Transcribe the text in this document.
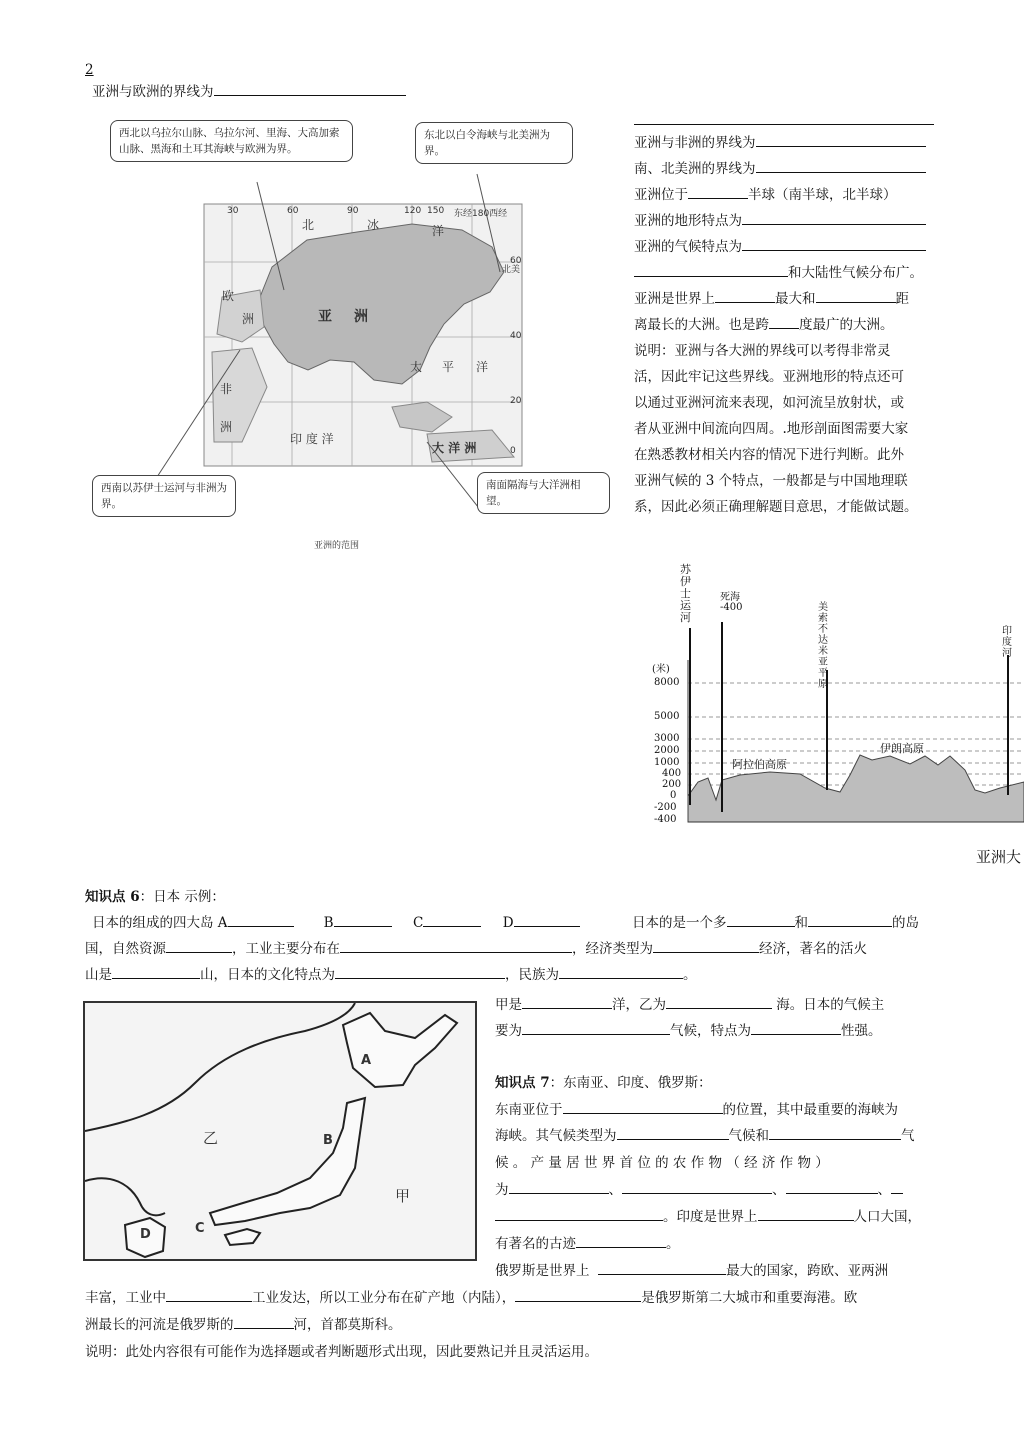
2
亚洲与欧洲的界线为
30	60	90	120 150 东经180西经
60
40
20
0
北	冰	洋
欧
洲	亚 洲
非
洲
太 平 洋
印 度 洋
大 洋 洲
北美
西北以乌拉尔山脉、乌拉尔河、里海、大高加索山脉、黑海和土耳其海峡与欧洲为界。
东北以白令海峡与北美洲为界。
西南以苏伊士运河与非洲为界。
南面隔海与大洋洲相望。
亚洲的范围
亚洲与非洲的界线为
南、北美洲的界线为
亚洲位于	半球（南半球，北半球）
亚洲的地形特点为
亚洲的气候特点为
和大陆性气候分布广。
亚洲是世界上	最大和	距
离最长的大洲。也是跨 度最广的大洲。
说明：亚洲与各大洲的界线可以考得非常灵
活，因此牢记这些界线。亚洲地形的特点还可
以通过亚洲河流来表现，如河流呈放射状，或
者从亚洲中间流向四周。.地形剖面图需要大家
在熟悉教材相关内容的情况下进行判断。此外
亚洲气候的 3 个特点，一般都是与中国地理联
系，因此必须正确理解题目意思，才能做试题。
苏伊士运河
死海
-400	美索不达米亚平原
印度河
(米)
8000
5000
3000
2000
1000
400
200
0
-200
-400
阿拉伯高原
伊朗高原
亚洲大
知识点 6：日本 示例：
日本的组成的四大岛 A	B	C	D	日本的是一个多	和	的岛
国，自然资源	，工业主要分布在	，经济类型为	经济，著名的活火
山是	山，日本的文化特点为	，民族为	。
A
B
C
D
乙
甲
甲是	洋，乙为	海。日本的气候主
要为	气候，特点为	性强。
知识点 7：东南亚、印度、俄罗斯：
东南亚位于	的位置，其中最重要的海峡为
海峡。其气候类型为	气候和	气
候 。 产 量 居 世 界 首 位 的 农 作 物 （ 经 济 作 物 ）
为	、	、	、
。印度是世界上	人口大国，
有著名的古迹	。
俄罗斯是世界上	最大的国家，跨欧、亚两洲
丰富，工业中	工业发达，所以工业分布在矿产地（内陆），	是俄罗斯第二大城市和重要海港。欧
洲最长的河流是俄罗斯的	河，首都莫斯科。
说明：此处内容很有可能作为选择题或者判断题形式出现，因此要熟记并且灵活运用。
